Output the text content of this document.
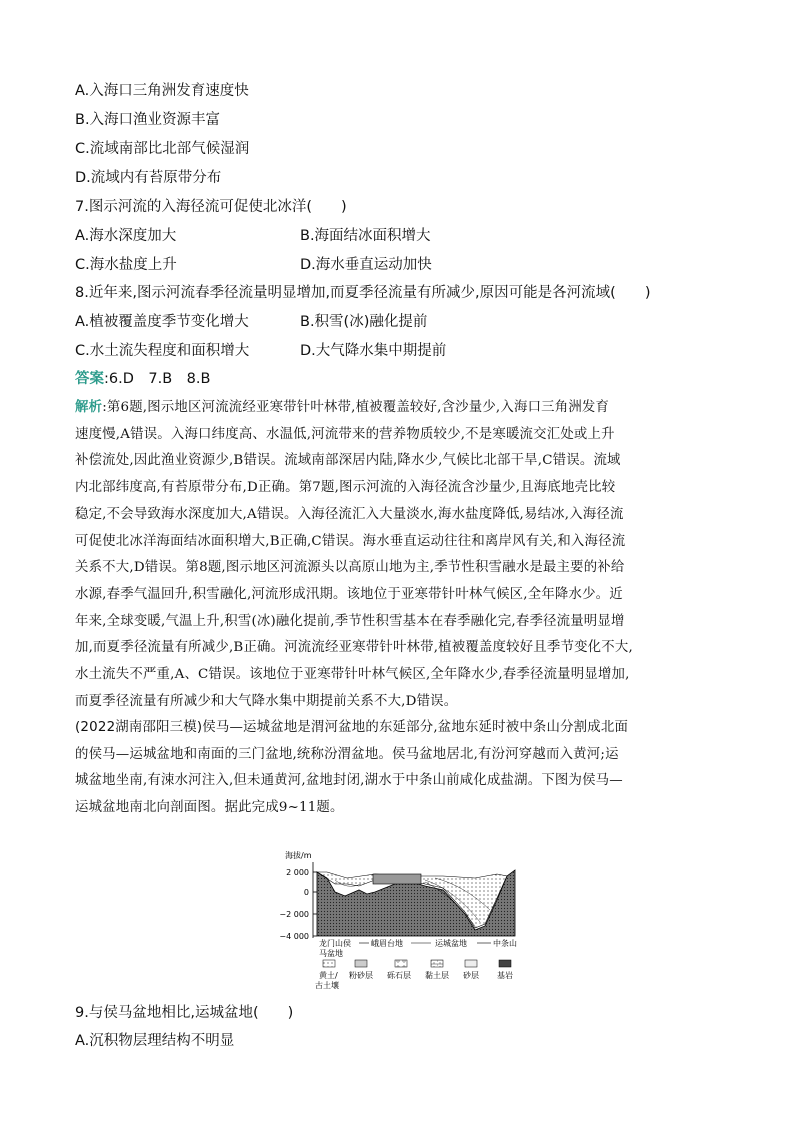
A.入海口三角洲发育速度快
B.入海口渔业资源丰富
C.流域南部比北部气候湿润
D.流域内有苔原带分布
7.图示河流的入海径流可促使北冰洋(　　)
A.海水深度加大	B.海面结冰面积增大
C.海水盐度上升	D.海水垂直运动加快
8.近年来,图示河流春季径流量明显增加,而夏季径流量有所减少,原因可能是各河流域(　　)
A.植被覆盖度季节变化增大	B.积雪(冰)融化提前
C.水土流失程度和面积增大	D.大气降水集中期提前
答案:6.D　7.B　8.B
解析:第6题,图示地区河流流经亚寒带针叶林带,植被覆盖较好,含沙量少,入海口三角洲发育
速度慢,A错误。入海口纬度高、水温低,河流带来的营养物质较少,不是寒暖流交汇处或上升
补偿流处,因此渔业资源少,B错误。流域南部深居内陆,降水少,气候比北部干旱,C错误。流域
内北部纬度高,有苔原带分布,D正确。第7题,图示河流的入海径流含沙量少,且海底地壳比较
稳定,不会导致海水深度加大,A错误。入海径流汇入大量淡水,海水盐度降低,易结冰,入海径流
可促使北冰洋海面结冰面积增大,B正确,C错误。海水垂直运动往往和离岸风有关,和入海径流
关系不大,D错误。第8题,图示地区河流源头以高原山地为主,季节性积雪融水是最主要的补给
水源,春季气温回升,积雪融化,河流形成汛期。该地位于亚寒带针叶林气候区,全年降水少。近
年来,全球变暖,气温上升,积雪(冰)融化提前,季节性积雪基本在春季融化完,春季径流量明显增
加,而夏季径流量有所减少,B正确。河流流经亚寒带针叶林带,植被覆盖度较好且季节变化不大,
水土流失不严重,A、C错误。该地位于亚寒带针叶林气候区,全年降水少,春季径流量明显增加,
而夏季径流量有所减少和大气降水集中期提前关系不大,D错误。
(2022湖南邵阳三模)侯马—运城盆地是渭河盆地的东延部分,盆地东延时被中条山分割成北面
的侯马—运城盆地和南面的三门盆地,统称汾渭盆地。侯马盆地居北,有汾河穿越而入黄河;运
城盆地坐南,有涑水河注入,但未通黄河,盆地封闭,湖水于中条山前咸化成盐湖。下图为侯马—
运城盆地南北向剖面图。据此完成9~11题。
海拔/m
2 000
0
−2 000
−4 000
龙门山侯
马盆地
峨眉台地	运城盆地	中条山
黄土/
古土壤
粉砂层 砾石层 黏土层 砂层 基岩
9.与侯马盆地相比,运城盆地(　　)
A.沉积物层理结构不明显
